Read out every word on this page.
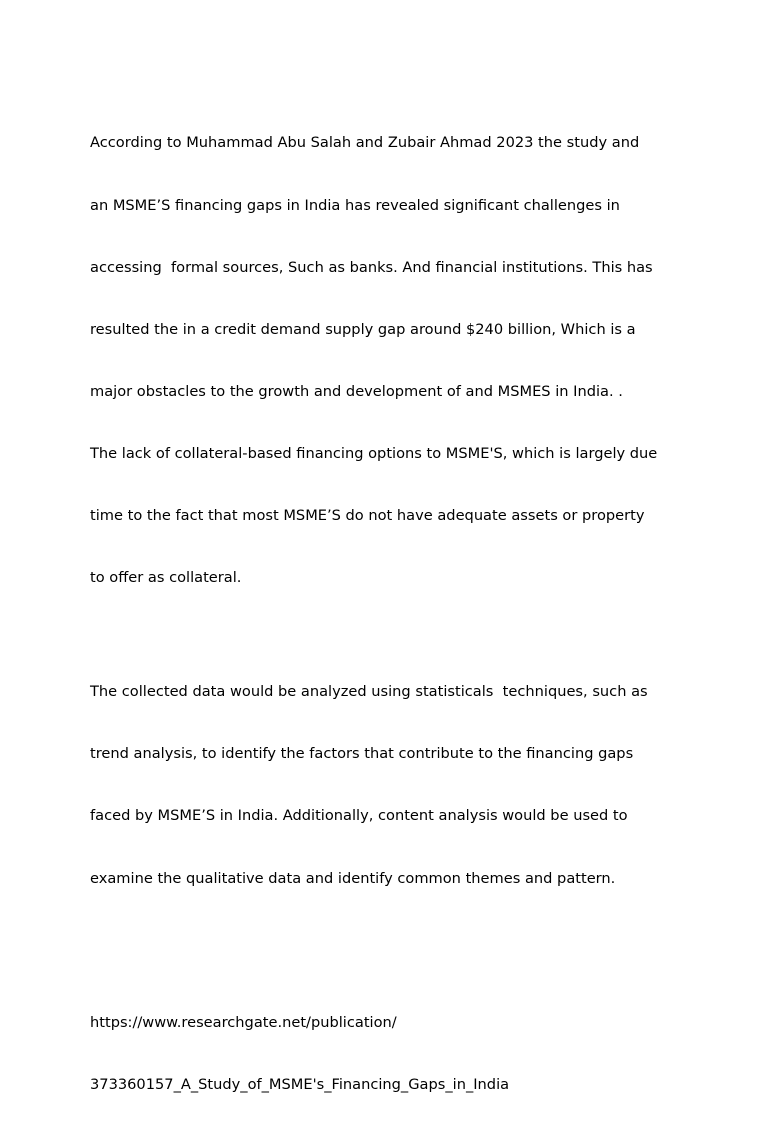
According to Muhammad Abu Salah and Zubair Ahmad 2023 the study and

an MSME’S financing gaps in India has revealed significant challenges in

accessing  formal sources, Such as banks. And financial institutions. This has

resulted the in a credit demand supply gap around $240 billion, Which is a

major obstacles to the growth and development of and MSMES in India. .

The lack of collateral-based financing options to MSME'S, which is largely due

time to the fact that most MSME’S do not have adequate assets or property

to offer as collateral.

The collected data would be analyzed using statisticals  techniques, such as

trend analysis, to identify the factors that contribute to the financing gaps

faced by MSME’S in India. Additionally, content analysis would be used to

examine the qualitative data and identify common themes and pattern.

https://www.researchgate.net/publication/

373360157_A_Study_of_MSME's_Financing_Gaps_in_India
